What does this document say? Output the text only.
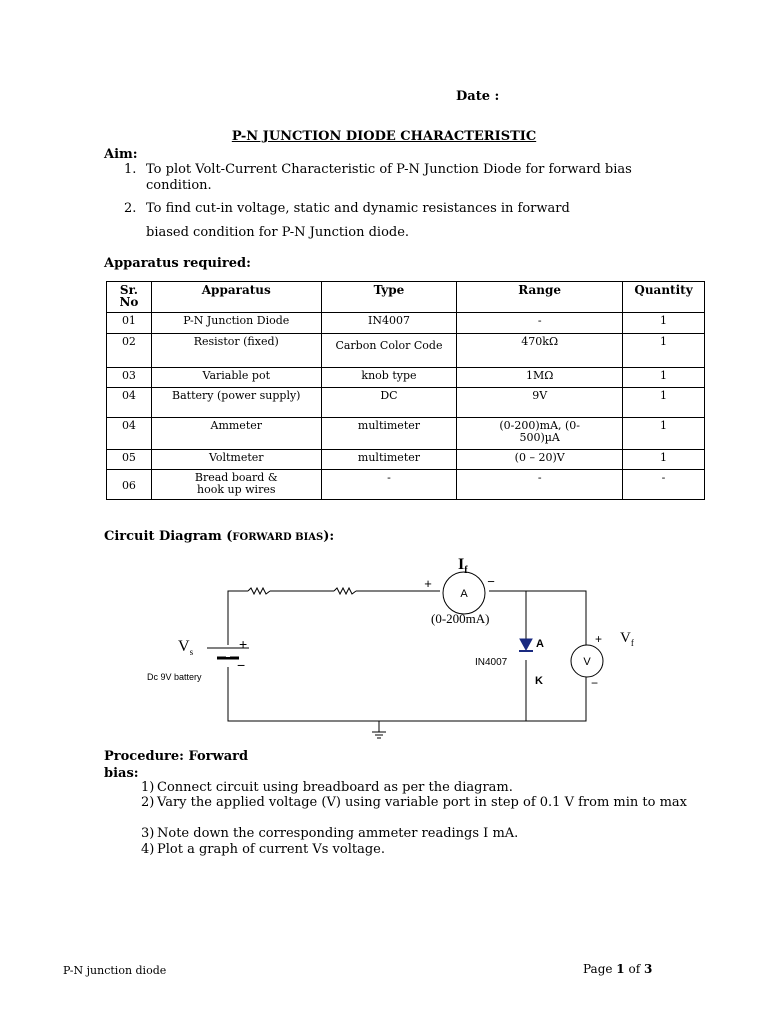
Date :
P-N JUNCTION DIODE CHARACTERISTIC
Aim:
1. To plot Volt-Current Characteristic of P-N Junction Diode for forward bias
condition.
2. To find cut-in voltage, static and dynamic resistances in forward
biased condition for P-N Junction diode.
Apparatus required:
Sr. No	Apparatus	Type	Range	Quantity
01	P-N Junction Diode	IN4007	-	1
02	Resistor (fixed)	Carbon Color Code	470kΩ	1
03	Variable pot	knob type	1MΩ	1
04	Battery (power supply)	DC	9V	1
04	Ammeter	multimeter	(0-200)mA, (0-500)µA	1
05	Voltmeter	multimeter	(0 – 20)V	1
06	Bread board & hook up wires	-	-	-
Circuit Diagram (FORWARD BIAS):
A
+	−
$I_f$
(0-200mA)
$V_s$	+
−
Dc 9V battery
IN4007
A
K
V
+
−
$V_f$
Procedure: Forward bias:
1) Connect circuit using breadboard as per the diagram.
2) Vary the applied voltage (V) using variable port in step of 0.1 V from min to max
3) Note down the corresponding ammeter readings I mA.
4) Plot a graph of current Vs voltage.
P-N junction diode	Page 1 of 3
